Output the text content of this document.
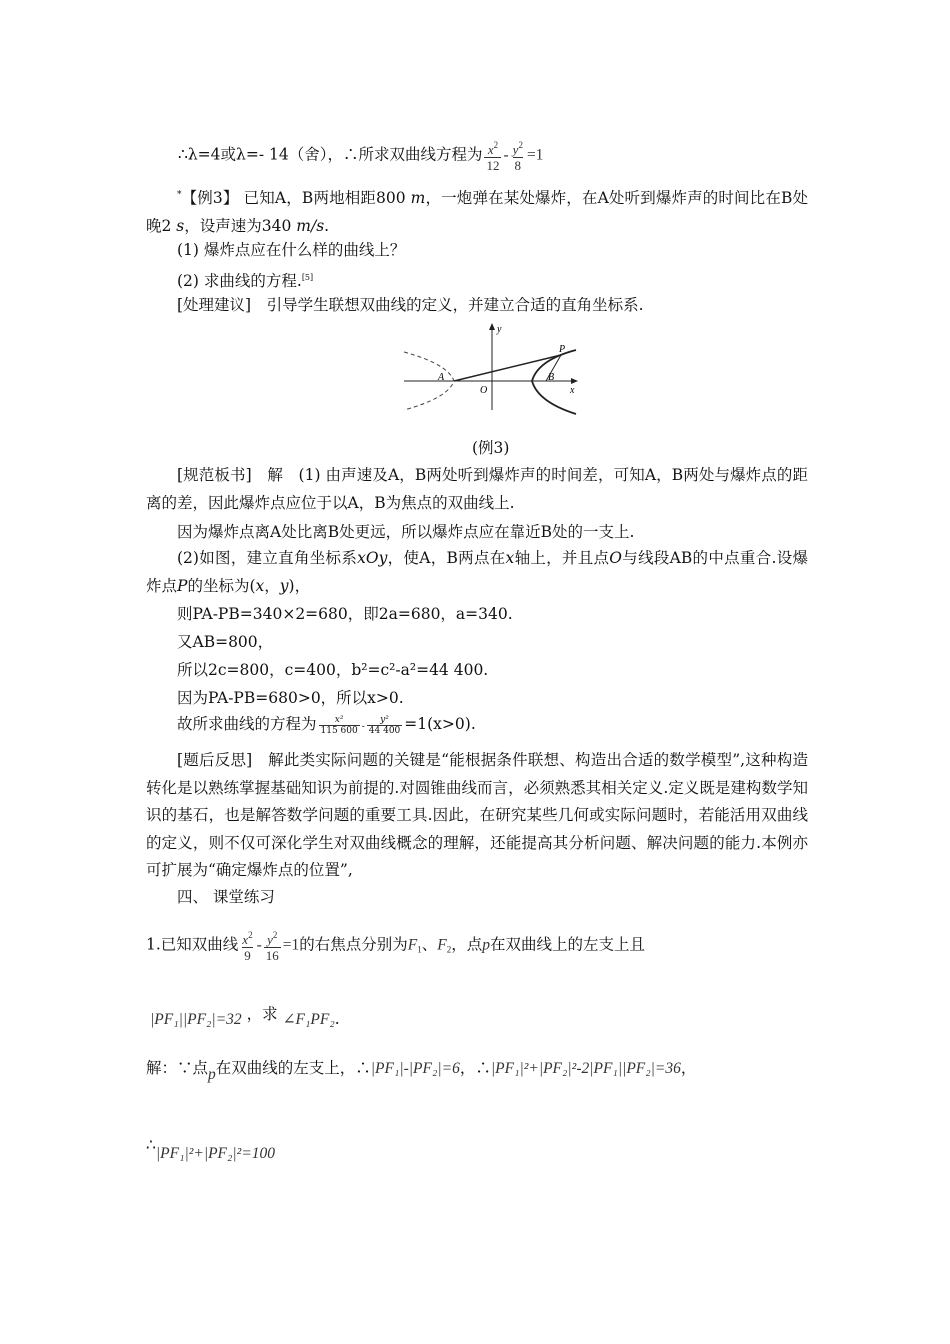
∴λ=4或λ=- 14（舍），∴所求双曲线方程为 $\frac{x^2}{12} - \frac{y^2}{8} =1$
*【例3】 已知A，B两地相距800 m，一炮弹在某处爆炸，在A处听到爆炸声的时间比在B处晚2 s，设声速为340 m/s.
(1) 爆炸点应在什么样的曲线上？
(2) 求曲线的方程.[5]
[处理建议]　引导学生联想双曲线的定义，并建立合适的直角坐标系.
y
x
O
A	B
P
(例3)
[规范板书]　解　(1) 由声速及A，B两处听到爆炸声的时间差，可知A，B两处与爆炸点的距离的差，因此爆炸点应位于以A，B为焦点的双曲线上.
因为爆炸点离A处比离B处更远，所以爆炸点应在靠近B处的一支上.
(2)如图，建立直角坐标系xOy，使A，B两点在x轴上，并且点O与线段AB的中点重合.设爆炸点P的坐标为(x，y)，
则PA-PB=340×2=680，即2a=680，a=340.
又AB=800，
所以2c=800，c=400，b²=c²-a²=44 400.
因为PA-PB=680>0，所以x>0.
故所求曲线的方程为 $\frac{\text{x²}}{115 600} - \frac{\text{y²}}{44 400} =1(x>0)$.
[题后反思]　解此类实际问题的关键是“能根据条件联想、构造出合适的数学模型”,这种构造转化是以熟练掌握基础知识为前提的.对圆锥曲线而言，必须熟悉其相关定义.定义既是建构数学知识的基石，也是解答数学问题的重要工具.因此，在研究某些几何或实际问题时，若能活用双曲线的定义，则不仅可深化学生对双曲线概念的理解，还能提高其分析问题、解决问题的能力.本例亦可扩展为“确定爆炸点的位置”,
四、 课堂练习
1.已知双曲线 $\frac{x^2}{9} - \frac{y^2}{16} =1$的右焦点分别为$F_1$、$F_2$，点p在双曲线上的左支上且
|PF₁||PF₂|=32 ，求 ∠F₁PF₂.
解：∵点p在双曲线的左支上，∴|PF₁|-|PF₂|=6，∴|PF₁|²+|PF₂|²-2|PF₁||PF₂|=36，
∴|PF₁|²+|PF₂|²=100
